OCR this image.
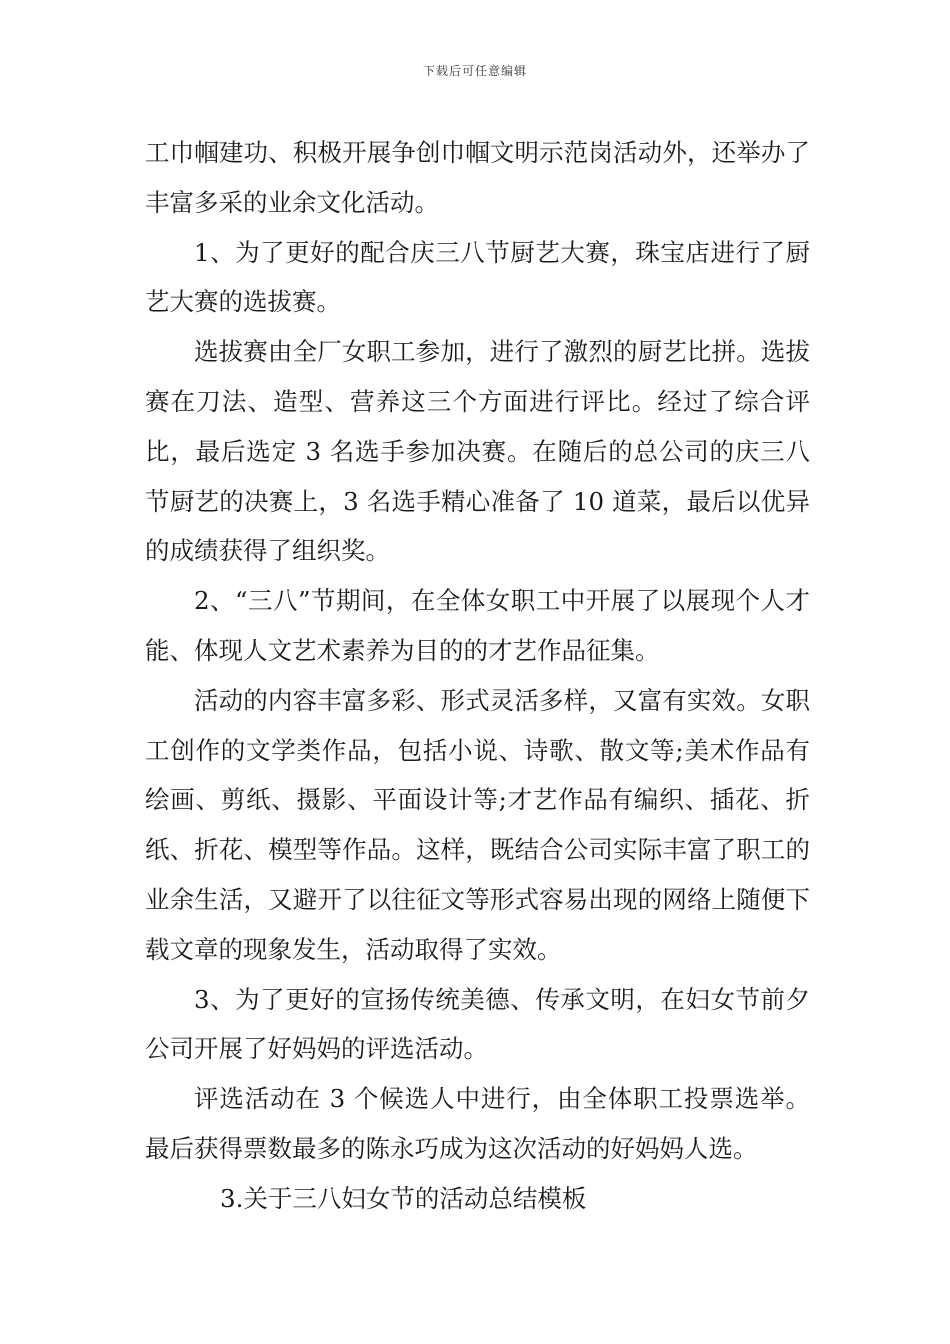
下载后可任意编辑

工巾帼建功、积极开展争创巾帼文明示范岗活动外，还举办了丰富多采的业余文化活动。

1、为了更好的配合庆三八节厨艺大赛，珠宝店进行了厨艺大赛的选拔赛。

选拔赛由全厂女职工参加，进行了激烈的厨艺比拼。选拔赛在刀法、造型、营养这三个方面进行评比。经过了综合评比，最后选定 3 名选手参加决赛。在随后的总公司的庆三八节厨艺的决赛上，3 名选手精心准备了 10 道菜，最后以优异的成绩获得了组织奖。

2、“三八”节期间，在全体女职工中开展了以展现个人才能、体现人文艺术素养为目的的才艺作品征集。

活动的内容丰富多彩、形式灵活多样，又富有实效。女职工创作的文学类作品，包括小说、诗歌、散文等;美术作品有绘画、剪纸、摄影、平面设计等;才艺作品有编织、插花、折纸、折花、模型等作品。这样，既结合公司实际丰富了职工的业余生活，又避开了以往征文等形式容易出现的网络上随便下载文章的现象发生，活动取得了实效。

3、为了更好的宣扬传统美德、传承文明，在妇女节前夕公司开展了好妈妈的评选活动。

评选活动在 3 个候选人中进行，由全体职工投票选举。最后获得票数最多的陈永巧成为这次活动的好妈妈人选。

3.关于三八妇女节的活动总结模板
